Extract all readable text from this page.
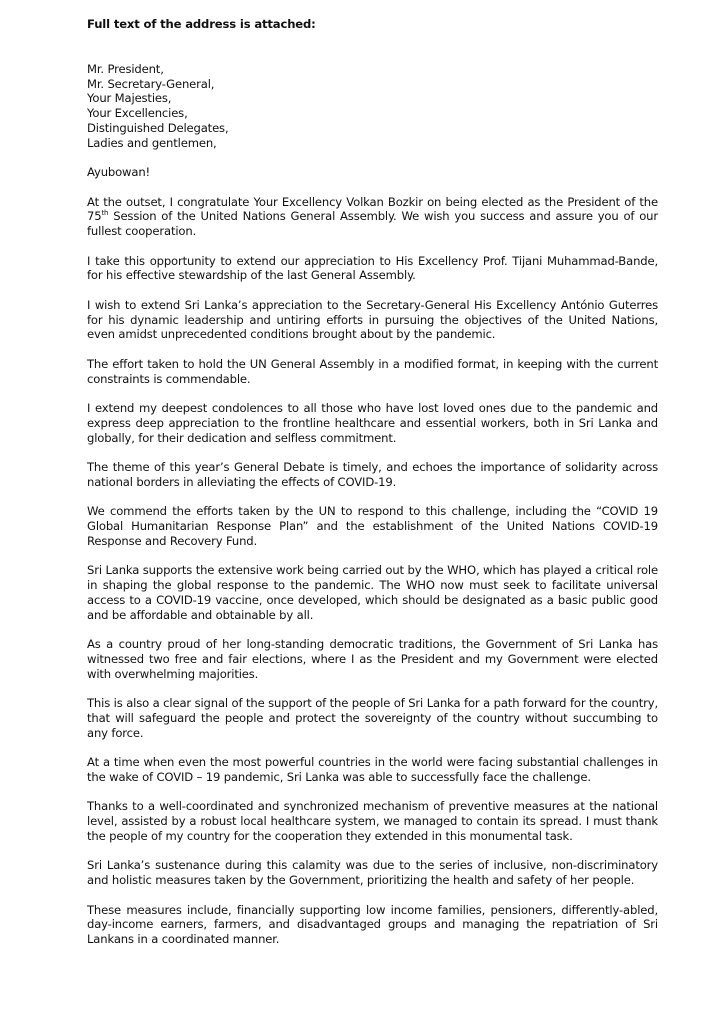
Full text of the address is attached:
Mr. President,
Mr. Secretary-General,
Your Majesties,
Your Excellencies,
Distinguished Delegates,
Ladies and gentlemen,
Ayubowan!

At the outset, I congratulate Your Excellency Volkan Bozkir on being elected as the President of the 75th Session of the United Nations General Assembly. We wish you success and assure you of our fullest cooperation.

I take this opportunity to extend our appreciation to His Excellency Prof. Tijani Muhammad-Bande, for his effective stewardship of the last General Assembly.

I wish to extend Sri Lanka’s appreciation to the Secretary-General His Excellency António Guterres for his dynamic leadership and untiring efforts in pursuing the objectives of the United Nations, even amidst unprecedented conditions brought about by the pandemic.

The effort taken to hold the UN General Assembly in a modified format, in keeping with the current constraints is commendable.

I extend my deepest condolences to all those who have lost loved ones due to the pandemic and express deep appreciation to the frontline healthcare and essential workers, both in Sri Lanka and globally, for their dedication and selfless commitment.

The theme of this year’s General Debate is timely, and echoes the importance of solidarity across national borders in alleviating the effects of COVID-19.

We commend the efforts taken by the UN to respond to this challenge, including the “COVID 19 Global Humanitarian Response Plan” and the establishment of the United Nations COVID-19 Response and Recovery Fund.

Sri Lanka supports the extensive work being carried out by the WHO, which has played a critical role in shaping the global response to the pandemic. The WHO now must seek to facilitate universal access to a COVID-19 vaccine, once developed, which should be designated as a basic public good and be affordable and obtainable by all.

As a country proud of her long-standing democratic traditions, the Government of Sri Lanka has witnessed two free and fair elections, where I as the President and my Government were elected with overwhelming majorities.

This is also a clear signal of the support of the people of Sri Lanka for a path forward for the country, that will safeguard the people and protect the sovereignty of the country without succumbing to any force.

At a time when even the most powerful countries in the world were facing substantial challenges in the wake of COVID – 19 pandemic, Sri Lanka was able to successfully face the challenge.

Thanks to a well-coordinated and synchronized mechanism of preventive measures at the national level, assisted by a robust local healthcare system, we managed to contain its spread. I must thank the people of my country for the cooperation they extended in this monumental task.

Sri Lanka’s sustenance during this calamity was due to the series of inclusive, non-discriminatory and holistic measures taken by the Government, prioritizing the health and safety of her people.

These measures include, financially supporting low income families, pensioners, differently-abled, day-income earners, farmers, and disadvantaged groups and managing the repatriation of Sri Lankans in a coordinated manner.
